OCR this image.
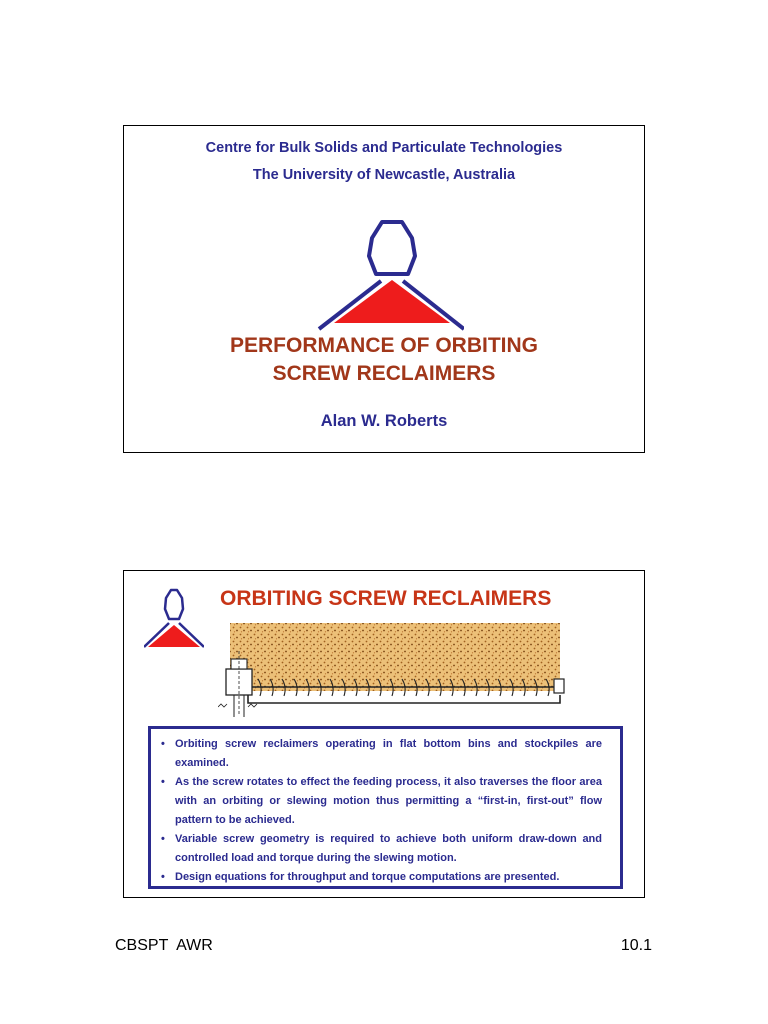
Centre for Bulk Solids and Particulate Technologies
The University of Newcastle, Australia
PERFORMANCE OF ORBITING
SCREW RECLAIMERS
Alan W. Roberts
ORBITING SCREW RECLAIMERS
• Orbiting screw reclaimers operating in flat bottom bins and stockpiles are examined.
• As the screw rotates to effect the feeding process, it also traverses the floor area with an orbiting or slewing motion thus permitting a “first-in, first-out” flow pattern to be achieved.
• Variable screw geometry is required to achieve both uniform draw-down and controlled load and torque during the slewing motion.
• Design equations for throughput and torque computations are presented.
CBSPT  AWR	10.1
